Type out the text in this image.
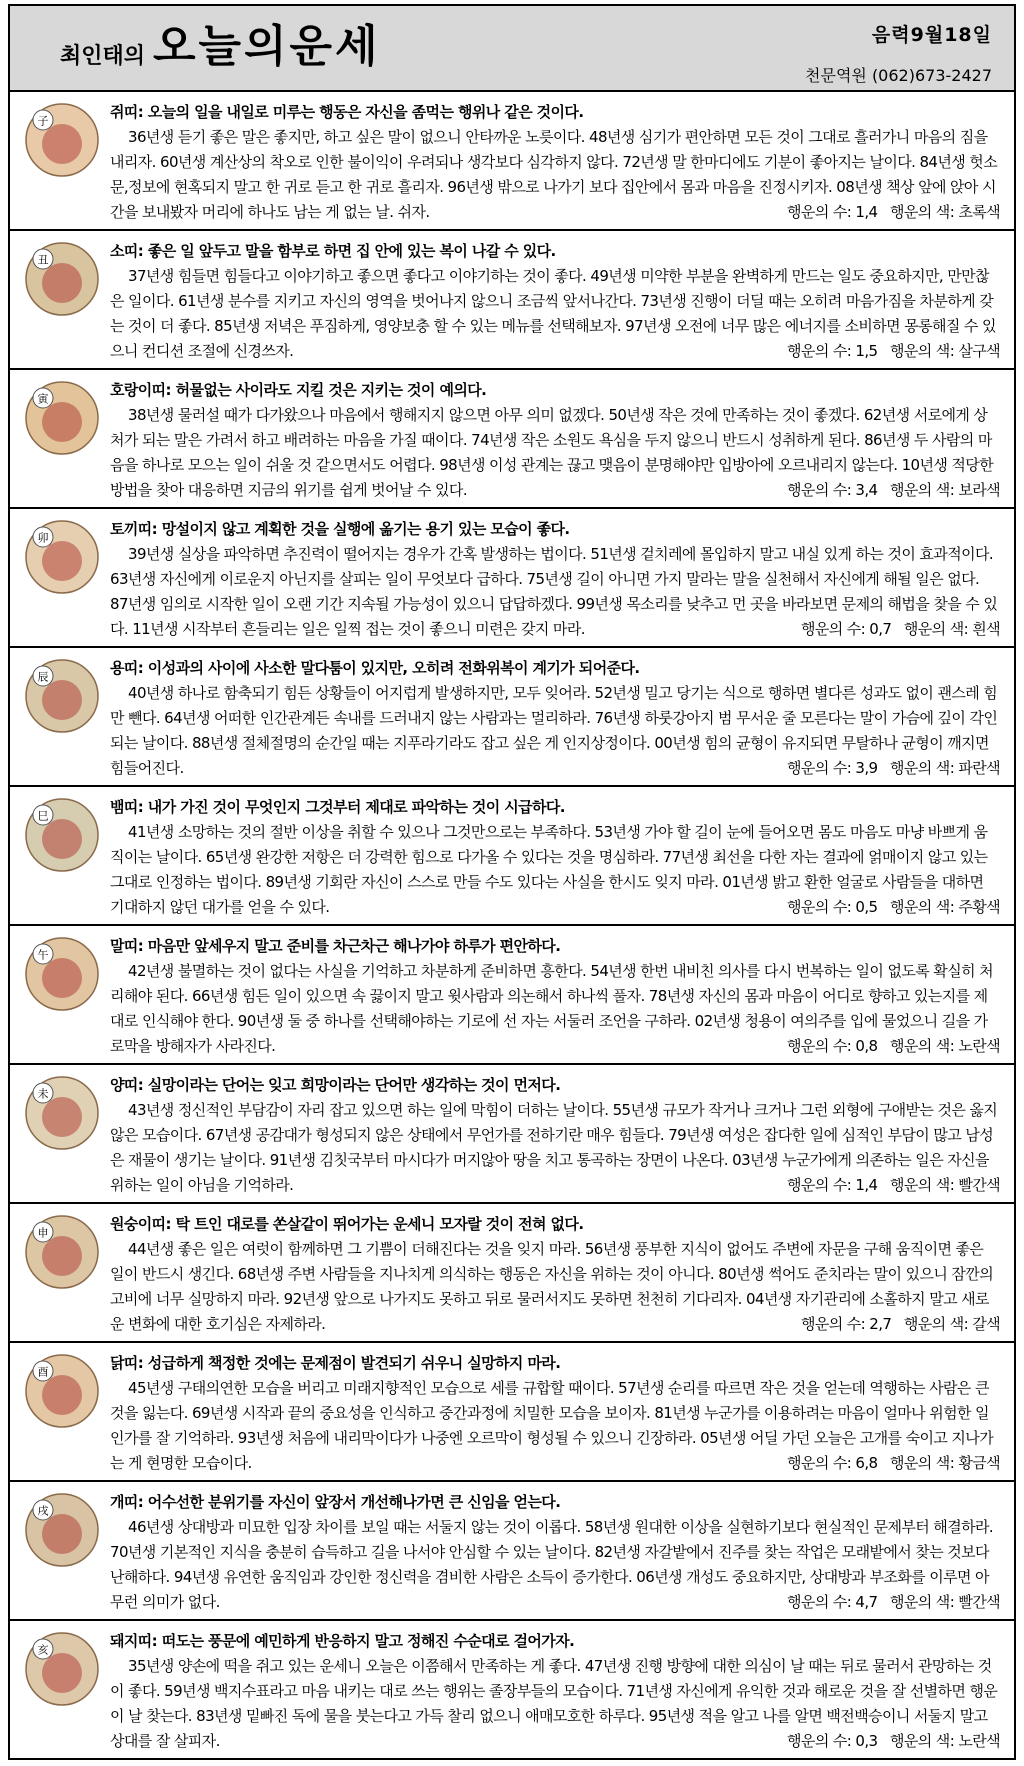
최인태의 오늘의운세	음력9월18일
천문역원 (062)673-2427
子	쥐띠: 오늘의 일을 내일로 미루는 행동은 자신을 좀먹는 행위나 같은 것이다.

36년생 듣기 좋은 말은 좋지만, 하고 싶은 말이 없으니 안타까운 노릇이다. 48년생 심기가 편안하면 모든 것이 그대로 흘러가니 마음의 짐을 내리자. 60년생 계산상의 착오로 인한 불이익이 우려되나 생각보다 심각하지 않다. 72년생 말 한마디에도 기분이 좋아지는 날이다. 84년생 헛소문,정보에 현혹되지 말고 한 귀로 듣고 한 귀로 흘리자. 96년생 밖으로 나가기 보다 집안에서 몸과 마음을 진정시키자. 08년생 책상 앞에 앉아 시간을 보내봤자 머리에 하나도 남는 게 없는 날. 쉬자.	행운의 수: 1,4 행운의 색: 초록색

丑	소띠: 좋은 일 앞두고 말을 함부로 하면 집 안에 있는 복이 나갈 수 있다.

37년생 힘들면 힘들다고 이야기하고 좋으면 좋다고 이야기하는 것이 좋다. 49년생 미약한 부분을 완벽하게 만드는 일도 중요하지만, 만만찮은 일이다. 61년생 분수를 지키고 자신의 영역을 벗어나지 않으니 조금씩 앞서나간다. 73년생 진행이 더딜 때는 오히려 마음가짐을 차분하게 갖는 것이 더 좋다. 85년생 저녁은 푸짐하게, 영양보충 할 수 있는 메뉴를 선택해보자. 97년생 오전에 너무 많은 에너지를 소비하면 몽롱해질 수 있으니 컨디션 조절에 신경쓰자.	행운의 수: 1,5 행운의 색: 살구색

寅	호랑이띠: 허물없는 사이라도 지킬 것은 지키는 것이 예의다.

38년생 물러설 때가 다가왔으나 마음에서 행해지지 않으면 아무 의미 없겠다. 50년생 작은 것에 만족하는 것이 좋겠다. 62년생 서로에게 상처가 되는 말은 가려서 하고 배려하는 마음을 가질 때이다. 74년생 작은 소원도 욕심을 두지 않으니 반드시 성취하게 된다. 86년생 두 사람의 마음을 하나로 모으는 일이 쉬울 것 같으면서도 어렵다. 98년생 이성 관계는 끊고 맺음이 분명해야만 입방아에 오르내리지 않는다. 10년생 적당한 방법을 찾아 대응하면 지금의 위기를 쉽게 벗어날 수 있다.	행운의 수: 3,4 행운의 색: 보라색

卯	토끼띠: 망설이지 않고 계획한 것을 실행에 옮기는 용기 있는 모습이 좋다.

39년생 실상을 파악하면 추진력이 떨어지는 경우가 간혹 발생하는 법이다. 51년생 겉치레에 몰입하지 말고 내실 있게 하는 것이 효과적이다. 63년생 자신에게 이로운지 아닌지를 살피는 일이 무엇보다 급하다. 75년생 길이 아니면 가지 말라는 말을 실천해서 자신에게 해될 일은 없다. 87년생 임의로 시작한 일이 오랜 기간 지속될 가능성이 있으니 답답하겠다. 99년생 목소리를 낮추고 먼 곳을 바라보면 문제의 해법을 찾을 수 있다. 11년생 시작부터 흔들리는 일은 일찍 접는 것이 좋으니 미련은 갖지 마라.	행운의 수: 0,7 행운의 색: 흰색

辰	용띠: 이성과의 사이에 사소한 말다툼이 있지만, 오히려 전화위복이 계기가 되어준다.

40년생 하나로 함축되기 힘든 상황들이 어지럽게 발생하지만, 모두 잊어라. 52년생 밀고 당기는 식으로 행하면 별다른 성과도 없이 괜스레 힘만 뺀다. 64년생 어떠한 인간관계든 속내를 드러내지 않는 사람과는 멀리하라. 76년생 하룻강아지 범 무서운 줄 모른다는 말이 가슴에 깊이 각인되는 날이다. 88년생 절체절명의 순간일 때는 지푸라기라도 잡고 싶은 게 인지상정이다. 00년생 힘의 균형이 유지되면 무탈하나 균형이 깨지면 힘들어진다.	행운의 수: 3,9 행운의 색: 파란색

巳	뱀띠: 내가 가진 것이 무엇인지 그것부터 제대로 파악하는 것이 시급하다.

41년생 소망하는 것의 절반 이상을 취할 수 있으나 그것만으로는 부족하다. 53년생 가야 할 길이 눈에 들어오면 몸도 마음도 마냥 바쁘게 움직이는 날이다. 65년생 완강한 저항은 더 강력한 힘으로 다가올 수 있다는 것을 명심하라. 77년생 최선을 다한 자는 결과에 얽매이지 않고 있는 그대로 인정하는 법이다. 89년생 기회란 자신이 스스로 만들 수도 있다는 사실을 한시도 잊지 마라. 01년생 밝고 환한 얼굴로 사람들을 대하면 기대하지 않던 대가를 얻을 수 있다.	행운의 수: 0,5 행운의 색: 주황색

午	말띠: 마음만 앞세우지 말고 준비를 차근차근 해나가야 하루가 편안하다.

42년생 불멸하는 것이 없다는 사실을 기억하고 차분하게 준비하면 흥한다. 54년생 한번 내비친 의사를 다시 번복하는 일이 없도록 확실히 처리해야 된다. 66년생 힘든 일이 있으면 속 끓이지 말고 윗사람과 의논해서 하나씩 풀자. 78년생 자신의 몸과 마음이 어디로 향하고 있는지를 제대로 인식해야 한다. 90년생 둘 중 하나를 선택해야하는 기로에 선 자는 서둘러 조언을 구하라. 02년생 청용이 여의주를 입에 물었으니 길을 가로막을 방해자가 사라진다.	행운의 수: 0,8 행운의 색: 노란색

未	양띠: 실망이라는 단어는 잊고 희망이라는 단어만 생각하는 것이 먼저다.

43년생 정신적인 부담감이 자리 잡고 있으면 하는 일에 막힘이 더하는 날이다. 55년생 규모가 작거나 크거나 그런 외형에 구애받는 것은 옳지 않은 모습이다. 67년생 공감대가 형성되지 않은 상태에서 무언가를 전하기란 매우 힘들다. 79년생 여성은 잡다한 일에 심적인 부담이 많고 남성은 재물이 생기는 날이다. 91년생 김칫국부터 마시다가 머지않아 땅을 치고 통곡하는 장면이 나온다. 03년생 누군가에게 의존하는 일은 자신을 위하는 일이 아님을 기억하라.	행운의 수: 1,4 행운의 색: 빨간색

申	원숭이띠: 탁 트인 대로를 쏜살같이 뛰어가는 운세니 모자랄 것이 전혀 없다.

44년생 좋은 일은 여럿이 함께하면 그 기쁨이 더해진다는 것을 잊지 마라. 56년생 풍부한 지식이 없어도 주변에 자문을 구해 움직이면 좋은 일이 반드시 생긴다. 68년생 주변 사람들을 지나치게 의식하는 행동은 자신을 위하는 것이 아니다. 80년생 썩어도 준치라는 말이 있으니 잠깐의 고비에 너무 실망하지 마라. 92년생 앞으로 나가지도 못하고 뒤로 물러서지도 못하면 천천히 기다리자. 04년생 자기관리에 소홀하지 말고 새로운 변화에 대한 호기심은 자제하라.	행운의 수: 2,7 행운의 색: 갈색

酉	닭띠: 성급하게 책정한 것에는 문제점이 발견되기 쉬우니 실망하지 마라.

45년생 구태의연한 모습을 버리고 미래지향적인 모습으로 세를 규합할 때이다. 57년생 순리를 따르면 작은 것을 얻는데 역행하는 사람은 큰 것을 잃는다. 69년생 시작과 끝의 중요성을 인식하고 중간과정에 치밀한 모습을 보이자. 81년생 누군가를 이용하려는 마음이 얼마나 위험한 일인가를 잘 기억하라. 93년생 처음에 내리막이다가 나중엔 오르막이 형성될 수 있으니 긴장하라. 05년생 어딜 가던 오늘은 고개를 숙이고 지나가는 게 현명한 모습이다.	행운의 수: 6,8 행운의 색: 황금색

戌	개띠: 어수선한 분위기를 자신이 앞장서 개선해나가면 큰 신임을 얻는다.

46년생 상대방과 미묘한 입장 차이를 보일 때는 서둘지 않는 것이 이롭다. 58년생 원대한 이상을 실현하기보다 현실적인 문제부터 해결하라. 70년생 기본적인 지식을 충분히 습득하고 길을 나서야 안심할 수 있는 날이다. 82년생 자갈밭에서 진주를 찾는 작업은 모래밭에서 찾는 것보다 난해하다. 94년생 유연한 움직임과 강인한 정신력을 겸비한 사람은 소득이 증가한다. 06년생 개성도 중요하지만, 상대방과 부조화를 이루면 아무런 의미가 없다.	행운의 수: 4,7 행운의 색: 빨간색

亥	돼지띠: 떠도는 풍문에 예민하게 반응하지 말고 정해진 수순대로 걸어가자.

35년생 양손에 떡을 쥐고 있는 운세니 오늘은 이쯤해서 만족하는 게 좋다. 47년생 진행 방향에 대한 의심이 날 때는 뒤로 물러서 관망하는 것이 좋다. 59년생 백지수표라고 마음 내키는 대로 쓰는 행위는 졸장부들의 모습이다. 71년생 자신에게 유익한 것과 해로운 것을 잘 선별하면 행운이 날 찾는다. 83년생 밑빠진 독에 물을 붓는다고 가득 찰리 없으니 애매모호한 하루다. 95년생 적을 알고 나를 알면 백전백승이니 서둘지 말고 상대를 잘 살피자.	행운의 수: 0,3 행운의 색: 노란색
